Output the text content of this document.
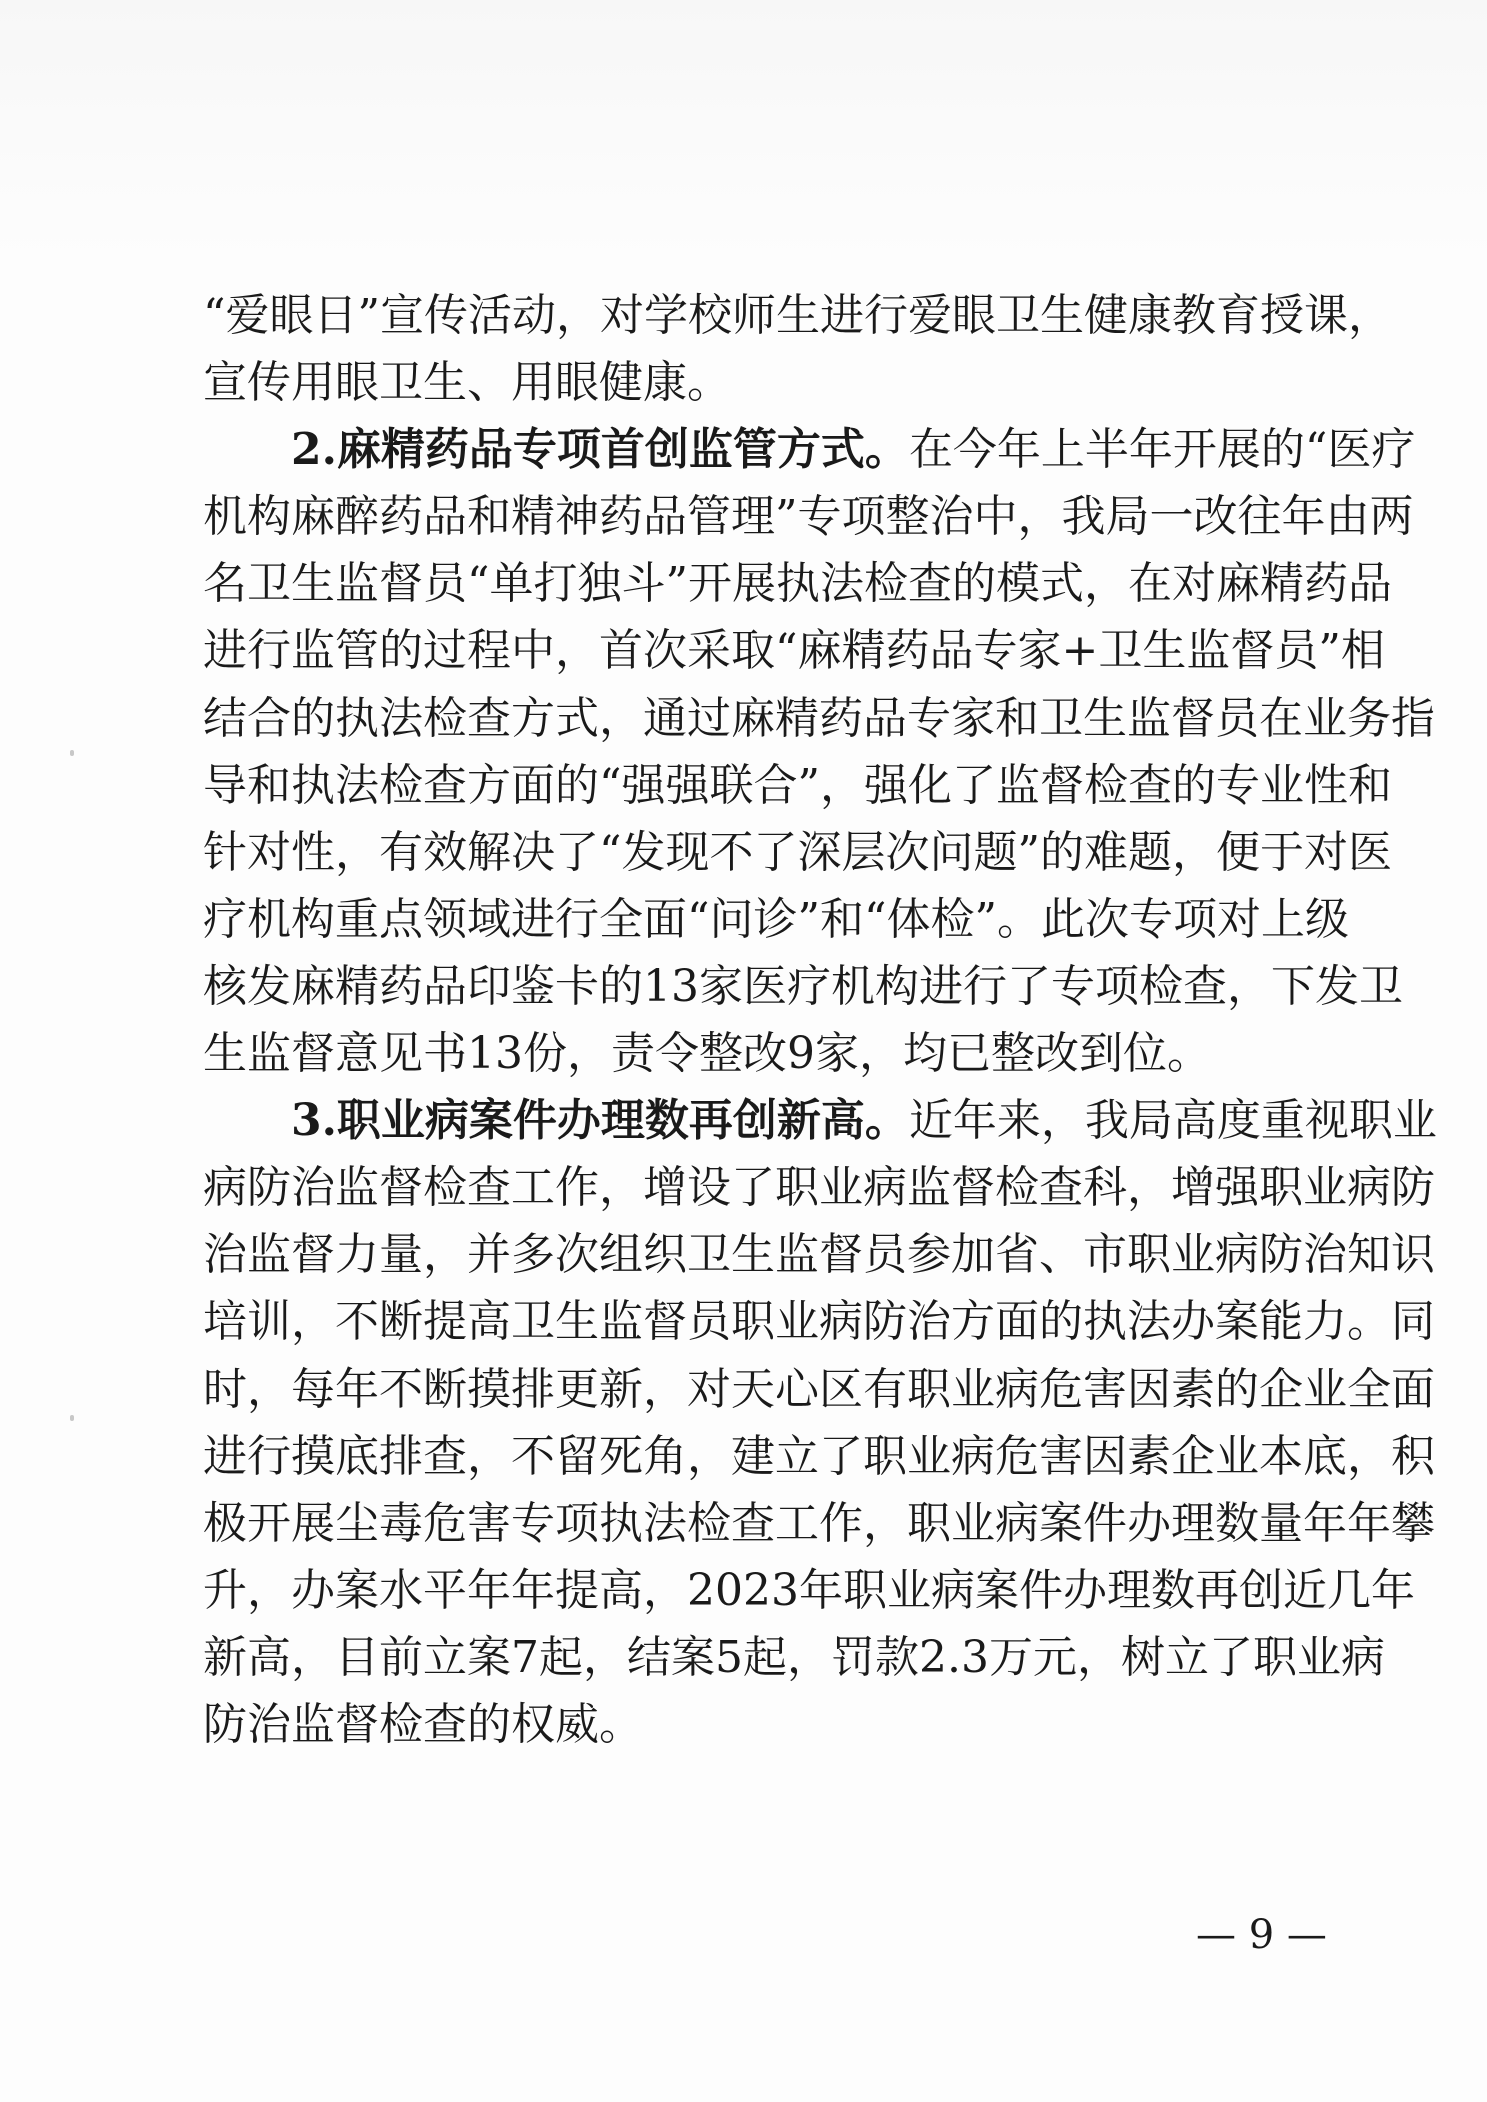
“爱眼日”宣传活动，对学校师生进行爱眼卫生健康教育授课，
宣传用眼卫生、用眼健康。
2.麻精药品专项首创监管方式。在今年上半年开展的“医疗
机构麻醉药品和精神药品管理”专项整治中，我局一改往年由两
名卫生监督员“单打独斗”开展执法检查的模式，在对麻精药品
进行监管的过程中，首次采取“麻精药品专家+卫生监督员”相
结合的执法检查方式，通过麻精药品专家和卫生监督员在业务指
导和执法检查方面的“强强联合”，强化了监督检查的专业性和
针对性，有效解决了“发现不了深层次问题”的难题，便于对医
疗机构重点领域进行全面“问诊”和“体检”。此次专项对上级
核发麻精药品印鉴卡的13家医疗机构进行了专项检查，下发卫
生监督意见书13份，责令整改9家，均已整改到位。
3.职业病案件办理数再创新高。近年来，我局高度重视职业
病防治监督检查工作，增设了职业病监督检查科，增强职业病防
治监督力量，并多次组织卫生监督员参加省、市职业病防治知识
培训，不断提高卫生监督员职业病防治方面的执法办案能力。同
时，每年不断摸排更新，对天心区有职业病危害因素的企业全面
进行摸底排查，不留死角，建立了职业病危害因素企业本底，积
极开展尘毒危害专项执法检查工作，职业病案件办理数量年年攀
升，办案水平年年提高，2023年职业病案件办理数再创近几年
新高，目前立案7起，结案5起，罚款2.3万元，树立了职业病
防治监督检查的权威。
— 9 —
